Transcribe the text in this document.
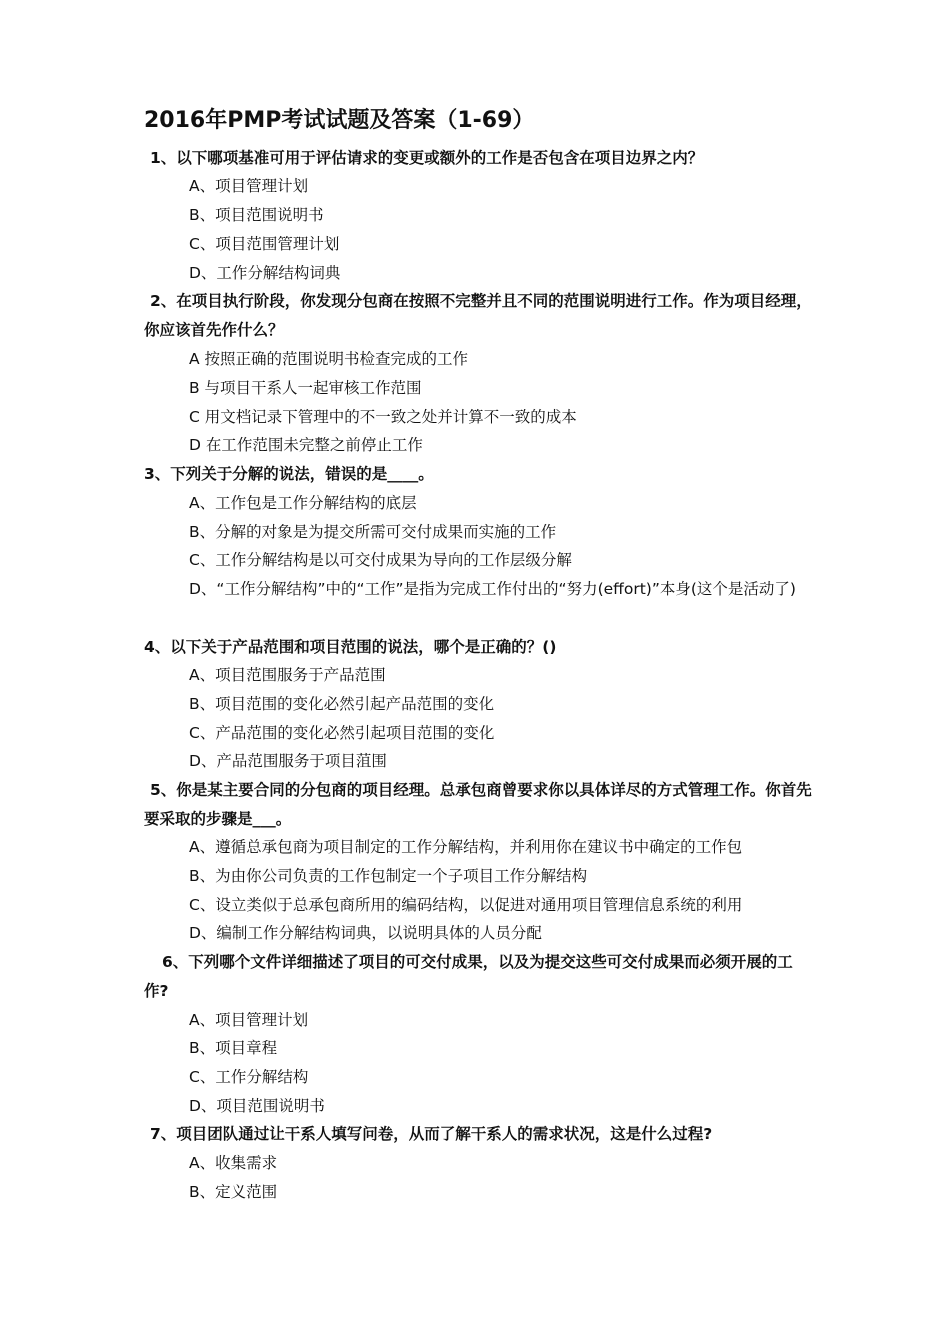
2016年PMP考试试题及答案（1-69）
1、以下哪项基准可用于评估请求的变更或额外的工作是否包含在项目边界之内？
A、项目管理计划
B、项目范围说明书
C、项目范围管理计划
D、工作分解结构词典
2、在项目执行阶段，你发现分包商在按照不完整并且不同的范围说明进行工作。作为项目经理，你应该首先作什么？
A 按照正确的范围说明书检查完成的工作
B 与项目干系人一起审核工作范围
C 用文档记录下管理中的不一致之处并计算不一致的成本
D 在工作范围未完整之前停止工作
3、下列关于分解的说法，错误的是____。
A、工作包是工作分解结构的底层
B、分解的对象是为提交所需可交付成果而实施的工作
C、工作分解结构是以可交付成果为导向的工作层级分解
D、“工作分解结构”中的“工作”是指为完成工作付出的“努力(effort)”本身(这个是活动了)
4、以下关于产品范围和项目范围的说法，哪个是正确的？()
A、项目范围服务于产品范围
B、项目范围的变化必然引起产品范围的变化
C、产品范围的变化必然引起项目范围的变化
D、产品范围服务于项目菹围
5、你是某主要合同的分包商的项目经理。总承包商曾要求你以具体详尽的方式管理工作。你首先要采取的步骤是___。
A、遵循总承包商为项目制定的工作分解结构，并利用你在建议书中确定的工作包
B、为由你公司负责的工作包制定一个子项目工作分解结构
C、设立类似于总承包商所用的编码结构，以促进对通用项目管理信息系统的利用
D、编制工作分解结构词典，以说明具体的人员分配
6、下列哪个文件详细描述了项目的可交付成果，以及为提交这些可交付成果而必须开展的工作?
A、项目管理计划
B、项目章程
C、工作分解结构
D、项目范围说明书
7、项目团队通过让干系人填写问卷，从而了解干系人的需求状况，这是什么过程?
A、收集需求
B、定义范围
